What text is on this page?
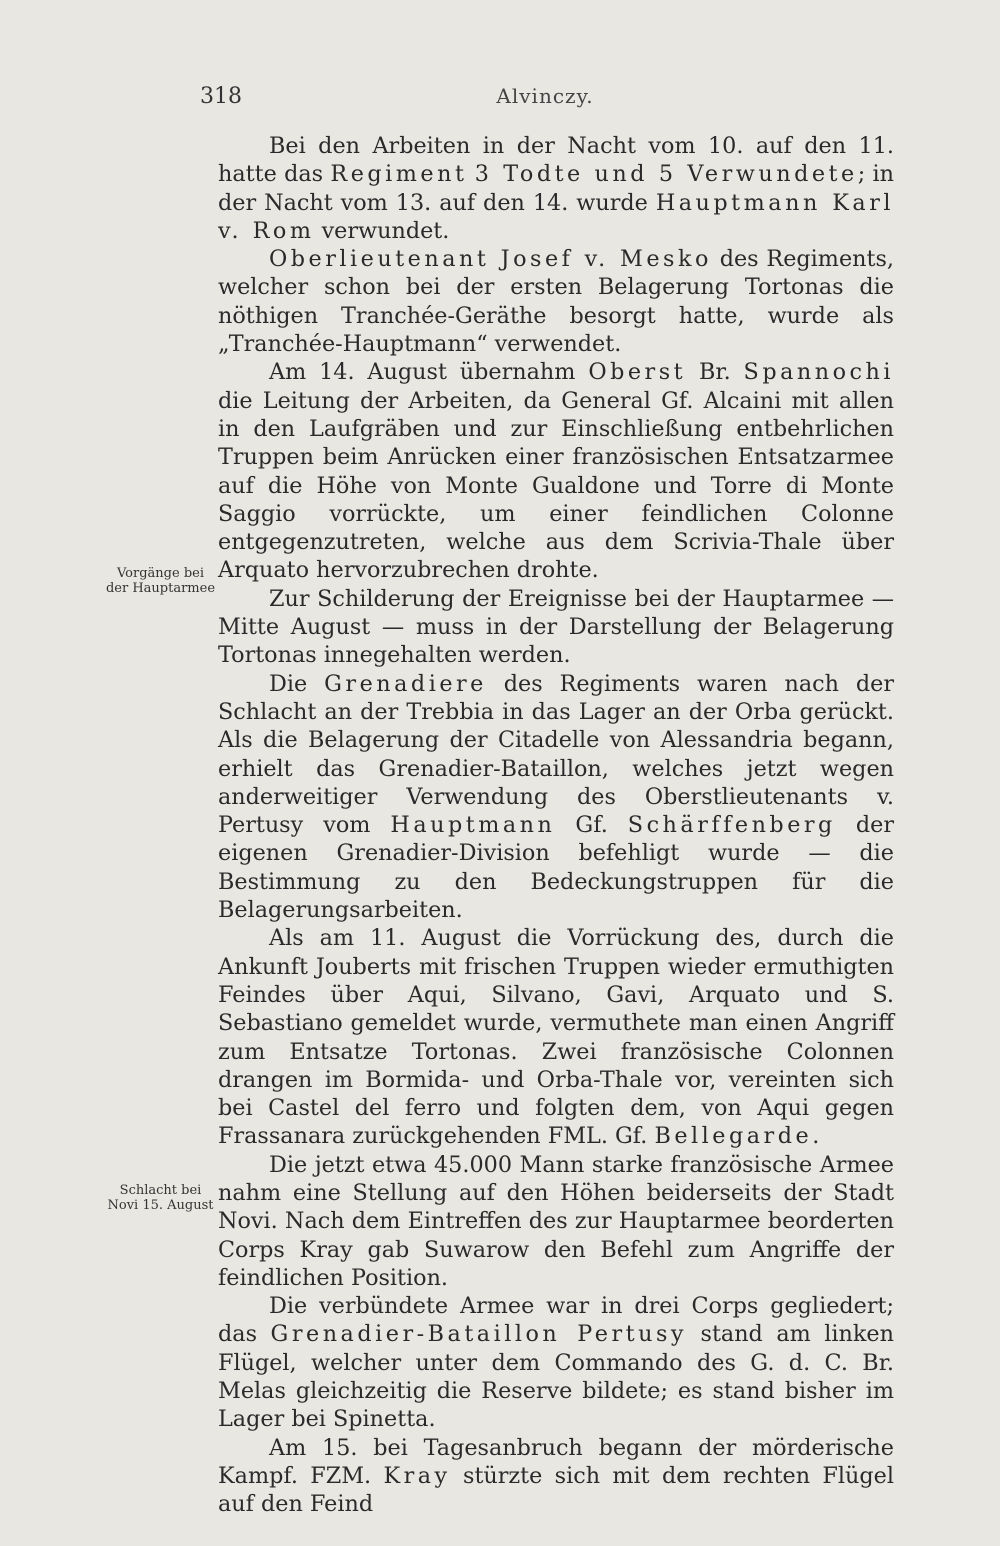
318	Alvinczy.
Vorgänge bei
der Hauptarmee
Schlacht bei
Novi 15. August

Bei den Arbeiten in der Nacht vom 10. auf den 11. hatte das Regiment 3 Todte und 5 Verwundete; in der Nacht vom 13. auf den 14. wurde Hauptmann Karl v. Rom verwundet.

Oberlieutenant Josef v. Mesko des Regiments, welcher schon bei der ersten Belagerung Tortonas die nöthigen Tranchée-Geräthe besorgt hatte, wurde als „Tranchée-Hauptmann“ verwendet.

Am 14. August übernahm Oberst Br. Spannochi die Leitung der Arbeiten, da General Gf. Alcaini mit allen in den Laufgräben und zur Einschließung entbehrlichen Truppen beim Anrücken einer französischen Entsatzarmee auf die Höhe von Monte Gualdone und Torre di Monte Saggio vorrückte, um einer feindlichen Colonne entgegenzutreten, welche aus dem Scrivia-Thale über Arquato hervorzubrechen drohte.

Zur Schilderung der Ereignisse bei der Hauptarmee — Mitte August — muss in der Darstellung der Belagerung Tortonas innegehalten werden.

Die Grenadiere des Regiments waren nach der Schlacht an der Trebbia in das Lager an der Orba gerückt. Als die Belagerung der Citadelle von Alessandria begann, erhielt das Grenadier-Bataillon, welches jetzt wegen anderweitiger Verwendung des Oberstlieutenants v. Pertusy vom Hauptmann Gf. Schärffenberg der eigenen Grenadier-Division befehligt wurde — die Bestimmung zu den Bedeckungstruppen für die Belagerungsarbeiten.

Als am 11. August die Vorrückung des, durch die Ankunft Jouberts mit frischen Truppen wieder ermuthigten Feindes über Aqui, Silvano, Gavi, Arquato und S. Sebastiano gemeldet wurde, vermuthete man einen Angriff zum Entsatze Tortonas. Zwei französische Colonnen drangen im Bormida- und Orba-Thale vor, vereinten sich bei Castel del ferro und folgten dem, von Aqui gegen Frassanara zurückgehenden FML. Gf. Bellegarde.

Die jetzt etwa 45.000 Mann starke französische Armee nahm eine Stellung auf den Höhen beiderseits der Stadt Novi. Nach dem Eintreffen des zur Hauptarmee beorderten Corps Kray gab Suwarow den Befehl zum Angriffe der feindlichen Position.

Die verbündete Armee war in drei Corps gegliedert; das Grenadier-Bataillon Pertusy stand am linken Flügel, welcher unter dem Commando des G. d. C. Br. Melas gleichzeitig die Reserve bildete; es stand bisher im Lager bei Spinetta.

Am 15. bei Tagesanbruch begann der mörderische Kampf. FZM. Kray stürzte sich mit dem rechten Flügel auf den Feind
